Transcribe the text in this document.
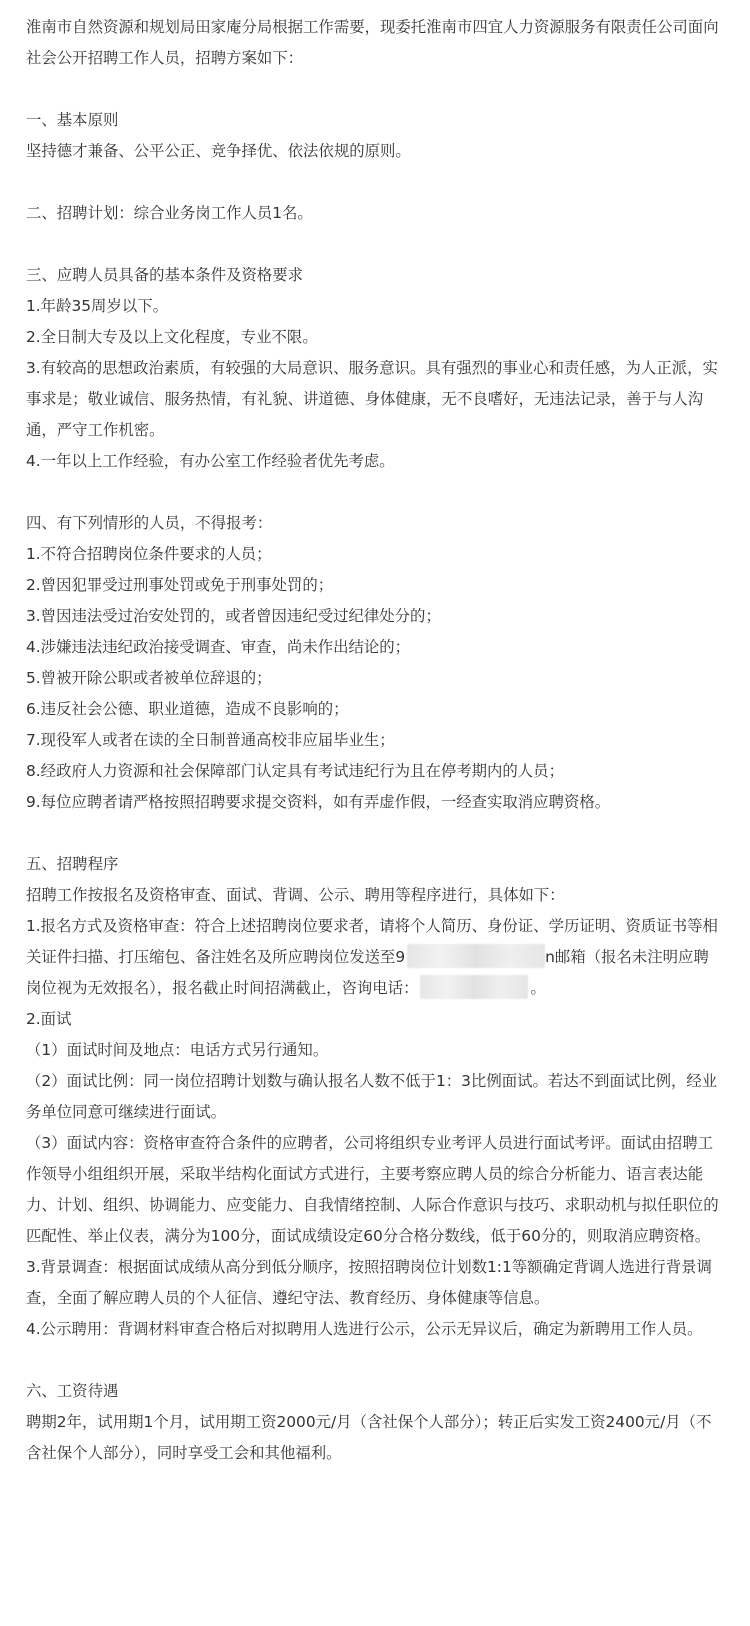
淮南市自然资源和规划局田家庵分局根据工作需要，现委托淮南市四宜人力资源服务有限责任公司面向社会公开招聘工作人员，招聘方案如下：

一、基本原则

坚持德才兼备、公平公正、竞争择优、依法依规的原则。

二、招聘计划：综合业务岗工作人员1名。

三、应聘人员具备的基本条件及资格要求

1.年龄35周岁以下。

2.全日制大专及以上文化程度，专业不限。

3.有较高的思想政治素质，有较强的大局意识、服务意识。具有强烈的事业心和责任感，为人正派，实事求是；敬业诚信、服务热情，有礼貌、讲道德、身体健康，无不良嗜好，无违法记录，善于与人沟通，严守工作机密。

4.一年以上工作经验，有办公室工作经验者优先考虑。

四、有下列情形的人员，不得报考：

1.不符合招聘岗位条件要求的人员；

2.曾因犯罪受过刑事处罚或免于刑事处罚的；

3.曾因违法受过治安处罚的，或者曾因违纪受过纪律处分的；

4.涉嫌违法违纪政治接受调查、审查，尚未作出结论的；

5.曾被开除公职或者被单位辞退的；

6.违反社会公德、职业道德，造成不良影响的；

7.现役军人或者在读的全日制普通高校非应届毕业生；

8.经政府人力资源和社会保障部门认定具有考试违纪行为且在停考期内的人员；

9.每位应聘者请严格按照招聘要求提交资料，如有弄虚作假，一经查实取消应聘资格。

五、招聘程序

招聘工作按报名及资格审查、面试、背调、公示、聘用等程序进行，具体如下：

1.报名方式及资格审查：符合上述招聘岗位要求者，请将个人简历、身份证、学历证明、资质证书等相关证件扫描、打压缩包、备注姓名及所应聘岗位发送至9	n邮箱（报名未注明应聘岗位视为无效报名），报名截止时间招满截止，咨询电话：	。

2.面试

（1）面试时间及地点：电话方式另行通知。

（2）面试比例：同一岗位招聘计划数与确认报名人数不低于1：3比例面试。若达不到面试比例，经业务单位同意可继续进行面试。

（3）面试内容：资格审查符合条件的应聘者，公司将组织专业考评人员进行面试考评。面试由招聘工作领导小组组织开展，采取半结构化面试方式进行，主要考察应聘人员的综合分析能力、语言表达能力、计划、组织、协调能力、应变能力、自我情绪控制、人际合作意识与技巧、求职动机与拟任职位的匹配性、举止仪表，满分为100分，面试成绩设定60分合格分数线，低于60分的，则取消应聘资格。

3.背景调查：根据面试成绩从高分到低分顺序，按照招聘岗位计划数1:1等额确定背调人选进行背景调查，全面了解应聘人员的个人征信、遵纪守法、教育经历、身体健康等信息。

4.公示聘用：背调材料审查合格后对拟聘用人选进行公示，公示无异议后，确定为新聘用工作人员。

六、工资待遇

聘期2年，试用期1个月，试用期工资2000元/月（含社保个人部分）；转正后实发工资2400元/月（不含社保个人部分），同时享受工会和其他福利。
